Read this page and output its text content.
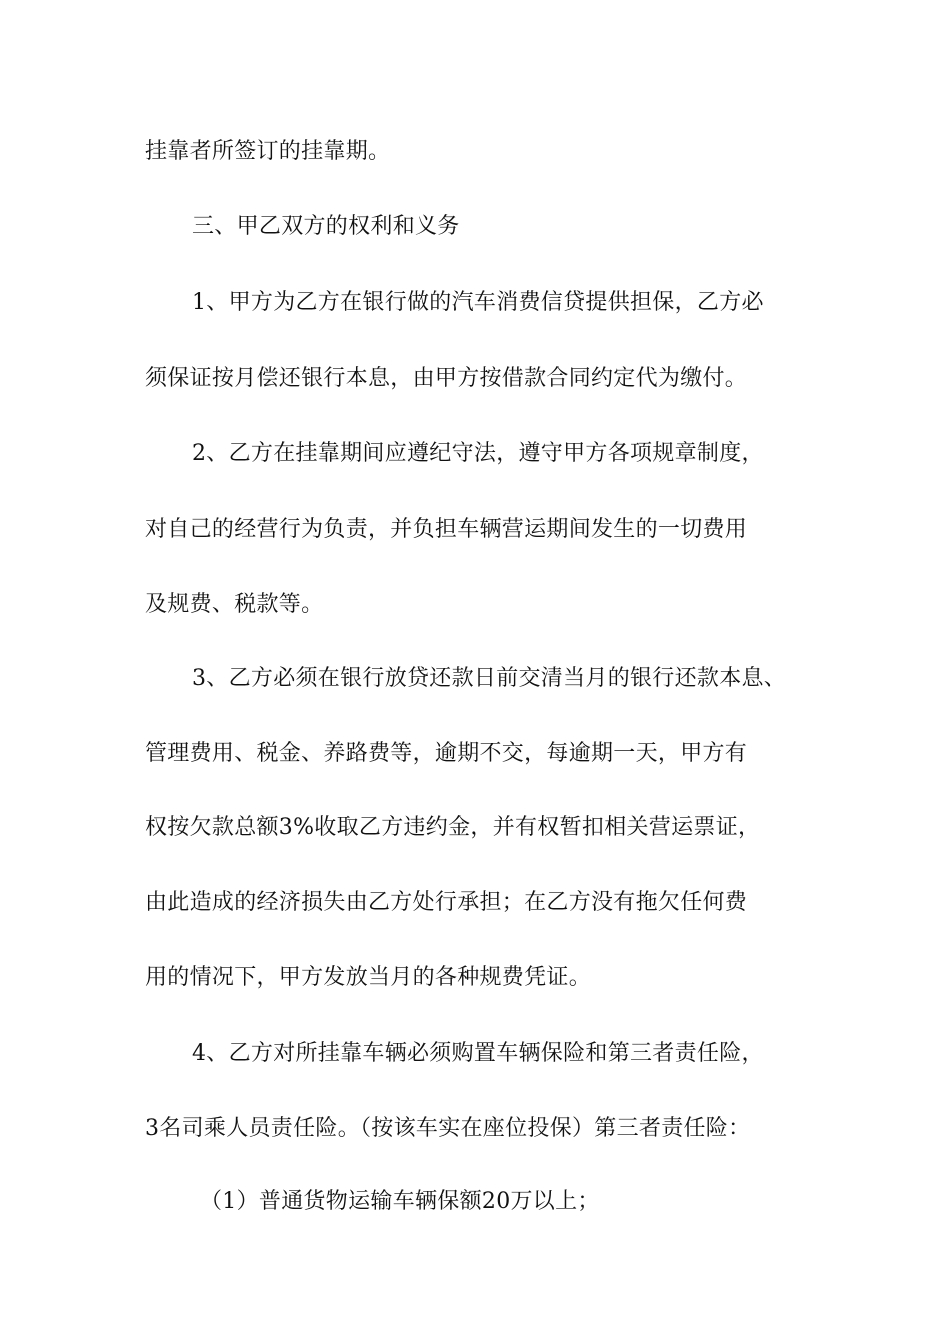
挂靠者所签订的挂靠期。
三、甲乙双方的权利和义务
1、甲方为乙方在银行做的汽车消费信贷提供担保，乙方必
须保证按月偿还银行本息，由甲方按借款合同约定代为缴付。
2、乙方在挂靠期间应遵纪守法，遵守甲方各项规章制度，
对自己的经营行为负责，并负担车辆营运期间发生的一切费用
及规费、税款等。
3、乙方必须在银行放贷还款日前交清当月的银行还款本息、
管理费用、税金、养路费等，逾期不交，每逾期一天，甲方有
权按欠款总额3%收取乙方违约金，并有权暂扣相关营运票证，
由此造成的经济损失由乙方处行承担；在乙方没有拖欠任何费
用的情况下，甲方发放当月的各种规费凭证。
4、乙方对所挂靠车辆必须购置车辆保险和第三者责任险，
3名司乘人员责任险。（按该车实在座位投保）第三者责任险：
（1）普通货物运输车辆保额20万以上；
